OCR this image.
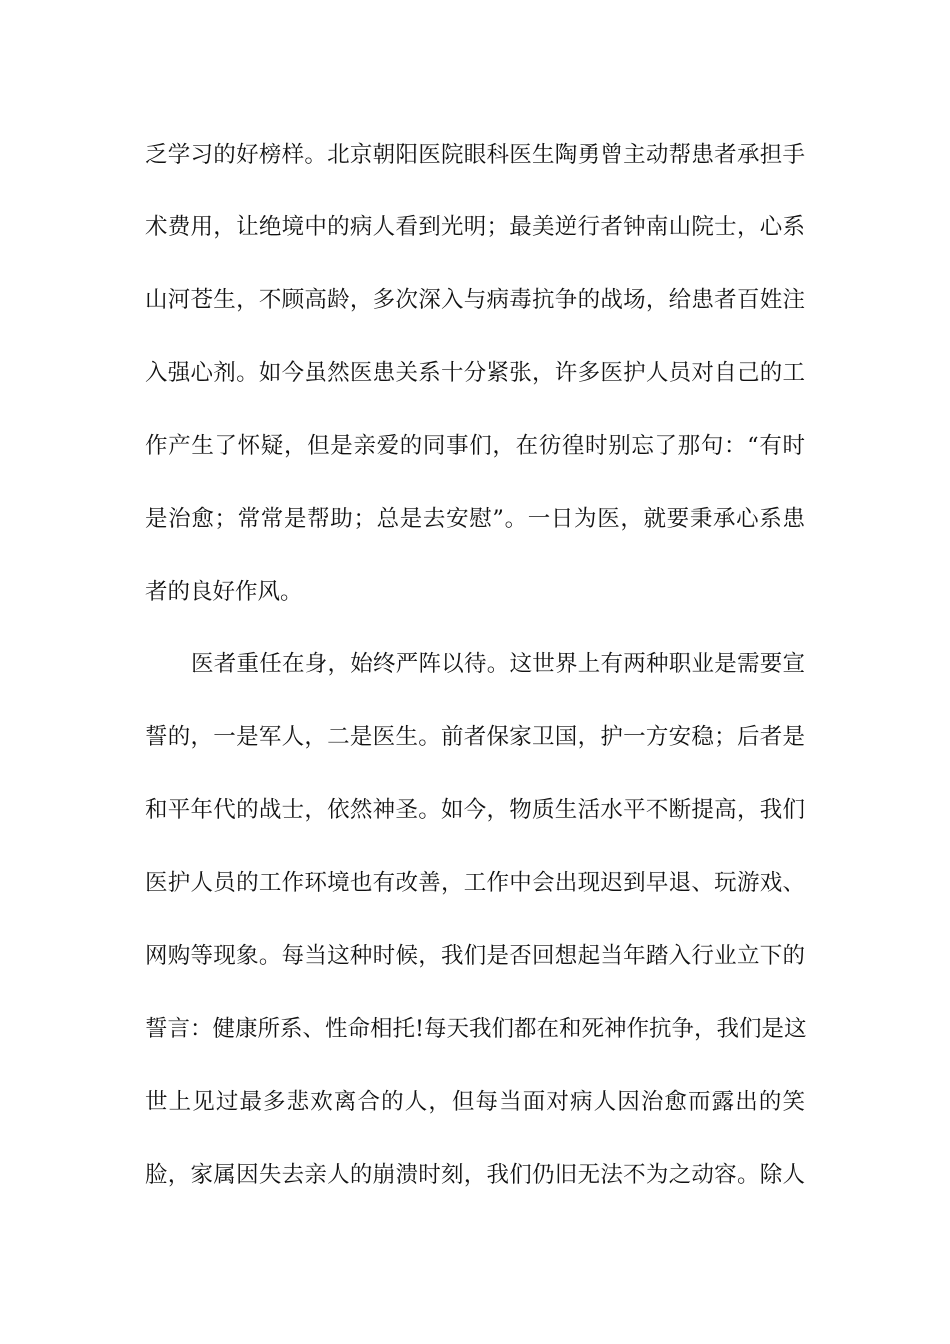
乏学习的好榜样。北京朝阳医院眼科医生陶勇曾主动帮患者承担手
术费用，让绝境中的病人看到光明；最美逆行者钟南山院士，心系
山河苍生，不顾高龄，多次深入与病毒抗争的战场，给患者百姓注
入强心剂。如今虽然医患关系十分紧张，许多医护人员对自己的工
作产生了怀疑，但是亲爱的同事们，在彷徨时别忘了那句：“有时
是治愈；常常是帮助；总是去安慰”。一日为医，就要秉承心系患
者的良好作风。
医者重任在身，始终严阵以待。这世界上有两种职业是需要宣
誓的，一是军人，二是医生。前者保家卫国，护一方安稳；后者是
和平年代的战士，依然神圣。如今，物质生活水平不断提高，我们
医护人员的工作环境也有改善，工作中会出现迟到早退、玩游戏、
网购等现象。每当这种时候，我们是否回想起当年踏入行业立下的
誓言：健康所系、性命相托!每天我们都在和死神作抗争，我们是这
世上见过最多悲欢离合的人，但每当面对病人因治愈而露出的笑
脸，家属因失去亲人的崩溃时刻，我们仍旧无法不为之动容。除人
